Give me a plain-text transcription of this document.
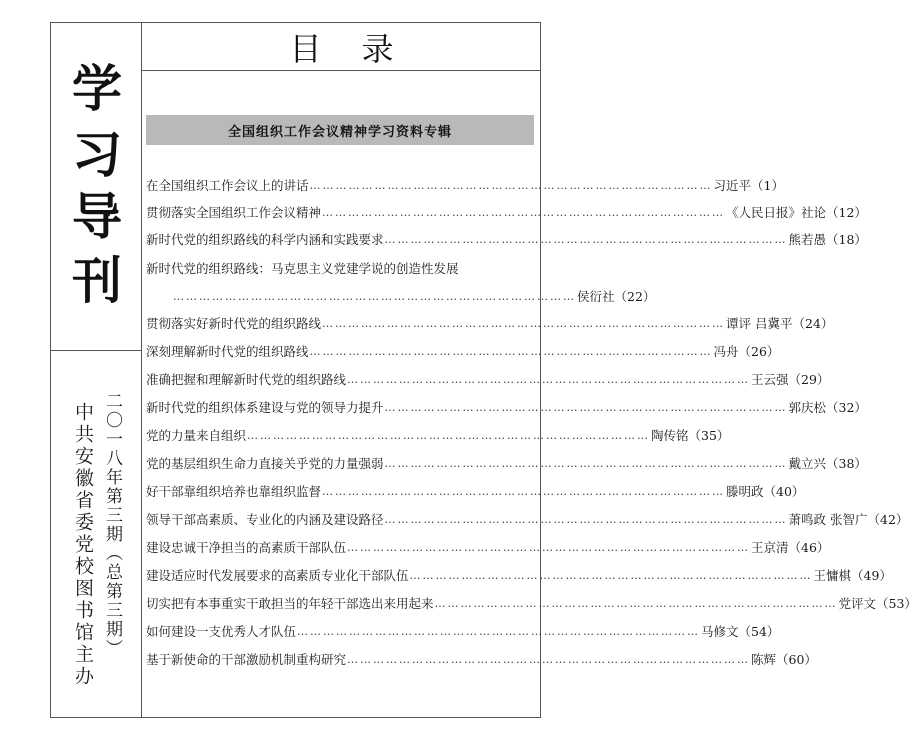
学
习
导
刊
中共安徽省委党校图书馆主办 二〇一八年第三期（总第三期）
目录
全国组织工作会议精神学习资料专辑
在全国组织工作会议上的讲话 ………………………………………………………………………………… 习近平（1）
贯彻落实全国组织工作会议精神 ………………………………………………………………………………… 《人民日报》社论（12）
新时代党的组织路线的科学内涵和实践要求 ………………………………………………………………………………… 熊若愚（18）
新时代党的组织路线：马克思主义党建学说的创造性发展
………………………………………………………………………………… 侯衍社（22）
贯彻落实好新时代党的组织路线 ………………………………………………………………………………… 谭评 吕冀平（24）
深刻理解新时代党的组织路线 ………………………………………………………………………………… 冯舟（26）
准确把握和理解新时代党的组织路线 ………………………………………………………………………………… 王云强（29）
新时代党的组织体系建设与党的领导力提升 ………………………………………………………………………………… 郭庆松（32）
党的力量来自组织 ………………………………………………………………………………… 陶传铭（35）
党的基层组织生命力直接关乎党的力量强弱 ………………………………………………………………………………… 戴立兴（38）
好干部靠组织培养也靠组织监督 ………………………………………………………………………………… 滕明政（40）
领导干部高素质、专业化的内涵及建设路径 ………………………………………………………………………………… 萧鸣政 张智广（42）
建设忠诚干净担当的高素质干部队伍 ………………………………………………………………………………… 王京清（46）
建设适应时代发展要求的高素质专业化干部队伍 ………………………………………………………………………………… 王慵棋（49）
切实把有本事重实干敢担当的年轻干部选出来用起来 ………………………………………………………………………………… 党评文（53）
如何建设一支优秀人才队伍 ………………………………………………………………………………… 马修文（54）
基于新使命的干部激励机制重构研究 ………………………………………………………………………………… 陈辉（60）
